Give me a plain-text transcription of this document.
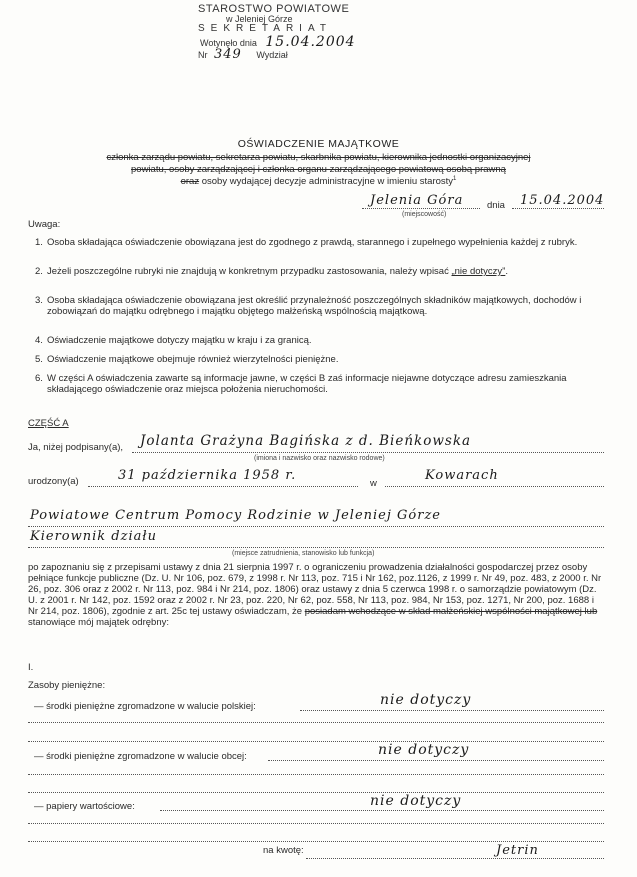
STAROSTWO POWIATOWE
w Jeleniej Górze
SEKRETARIAT
Wotynęło dnia 15.04.2004
Nr 349 Wydział
OŚWIADCZENIE MAJĄTKOWE
członka zarządu powiatu, sekretarza powiatu, skarbnika powiatu, kierownika jednostki organizacyjnej
powiatu, osoby zarządzającej i członka organu zarządzającego powiatową osobą prawną
oraz osoby wydającej decyzje administracyjne w imieniu starosty$^1$
Jelenia Góra
(miejscowość)
dnia 15.04.2004
Uwaga:
1. Osoba składająca oświadczenie obowiązana jest do zgodnego z prawdą, starannego i zupełnego wypełnienia każdej z rubryk.
2. Jeżeli poszczególne rubryki nie znajdują w konkretnym przypadku zastosowania, należy wpisać „nie dotyczy”.
3. Osoba składająca oświadczenie obowiązana jest określić przynależność poszczególnych składników majątkowych, dochodów i zobowiązań do majątku odrębnego i majątku objętego małżeńską wspólnością majątkową.
4. Oświadczenie majątkowe dotyczy majątku w kraju i za granicą.
5. Oświadczenie majątkowe obejmuje również wierzytelności pieniężne.
6. W części A oświadczenia zawarte są informacje jawne, w części B zaś informacje niejawne dotyczące adresu zamieszkania składającego oświadczenie oraz miejsca położenia nieruchomości.
CZĘŚĆ A
Ja, niżej podpisany(a), Jolanta Grażyna Bagińska z d. Bieńkowska
(imiona i nazwisko oraz nazwisko rodowe)
urodzony(a)	31 października 1958 r.
w
Kowarach
Powiatowe Centrum Pomocy Rodzinie w Jeleniej Górze
Kierownik działu
(miejsce zatrudnienia, stanowisko lub funkcja)
po zapoznaniu się z przepisami ustawy z dnia 21 sierpnia 1997 r. o ograniczeniu prowadzenia działalności gospodarczej przez osoby pełniące funkcje publiczne (Dz. U. Nr 106, poz. 679, z 1998 r. Nr 113, poz. 715 i Nr 162, poz.1126, z 1999 r. Nr 49, poz. 483, z 2000 r. Nr 26, poz. 306 oraz z 2002 r. Nr 113, poz. 984 i Nr 214, poz. 1806) oraz ustawy z dnia 5 czerwca 1998 r. o samorządzie powiatowym (Dz. U. z 2001 r. Nr 142, poz. 1592 oraz z 2002 r. Nr 23, poz. 220, Nr 62, poz. 558, Nr 113, poz. 984, Nr 153, poz. 1271, Nr 200, poz. 1688 i Nr 214, poz. 1806), zgodnie z art. 25c tej ustawy oświadczam, że posiadam wchodzące w skład małżeńskiej wspólności majątkowej lub stanowiące mój majątek odrębny:
I.
Zasoby pieniężne:
— środki pieniężne zgromadzone w walucie polskiej:	nie dotyczy
— środki pieniężne zgromadzone w walucie obcej:	nie dotyczy
— papiery wartościowe:	nie dotyczy
na kwotę:	Jetrin
